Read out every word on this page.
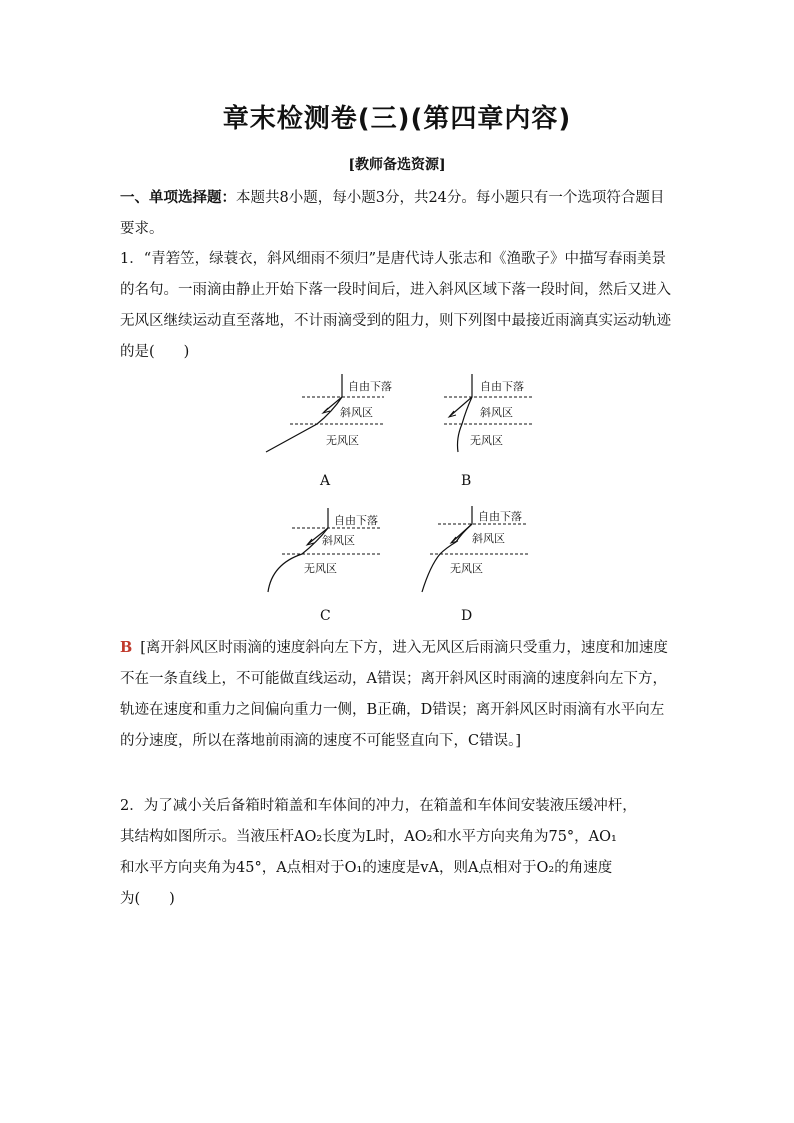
章末检测卷(三)(第四章内容)
[教师备选资源]
一、单项选择题：本题共8小题，每小题3分，共24分。每小题只有一个选项符合题目要求。
1．“青箬笠，绿蓑衣，斜风细雨不须归”是唐代诗人张志和《渔歌子》中描写春雨美景的名句。一雨滴由静止开始下落一段时间后，进入斜风区域下落一段时间，然后又进入无风区继续运动直至落地，不计雨滴受到的阻力，则下列图中最接近雨滴真实运动轨迹的是(　　)
自由下落
斜风区
无风区
A
自由下落
斜风区
无风区
B
自由下落
斜风区
无风区
C
自由下落
斜风区
无风区
D
B [离开斜风区时雨滴的速度斜向左下方，进入无风区后雨滴只受重力，速度和加速度不在一条直线上，不可能做直线运动，A错误；离开斜风区时雨滴的速度斜向左下方，轨迹在速度和重力之间偏向重力一侧，B正确，D错误；离开斜风区时雨滴有水平向左的分速度，所以在落地前雨滴的速度不可能竖直向下，C错误。]
2．为了减小关后备箱时箱盖和车体间的冲力，在箱盖和车体间安装液压缓冲杆，
其结构如图所示。当液压杆AO₂长度为L时，AO₂和水平方向夹角为75°，AO₁
和水平方向夹角为45°，A点相对于O₁的速度是vA，则A点相对于O₂的角速度
为(　　)
